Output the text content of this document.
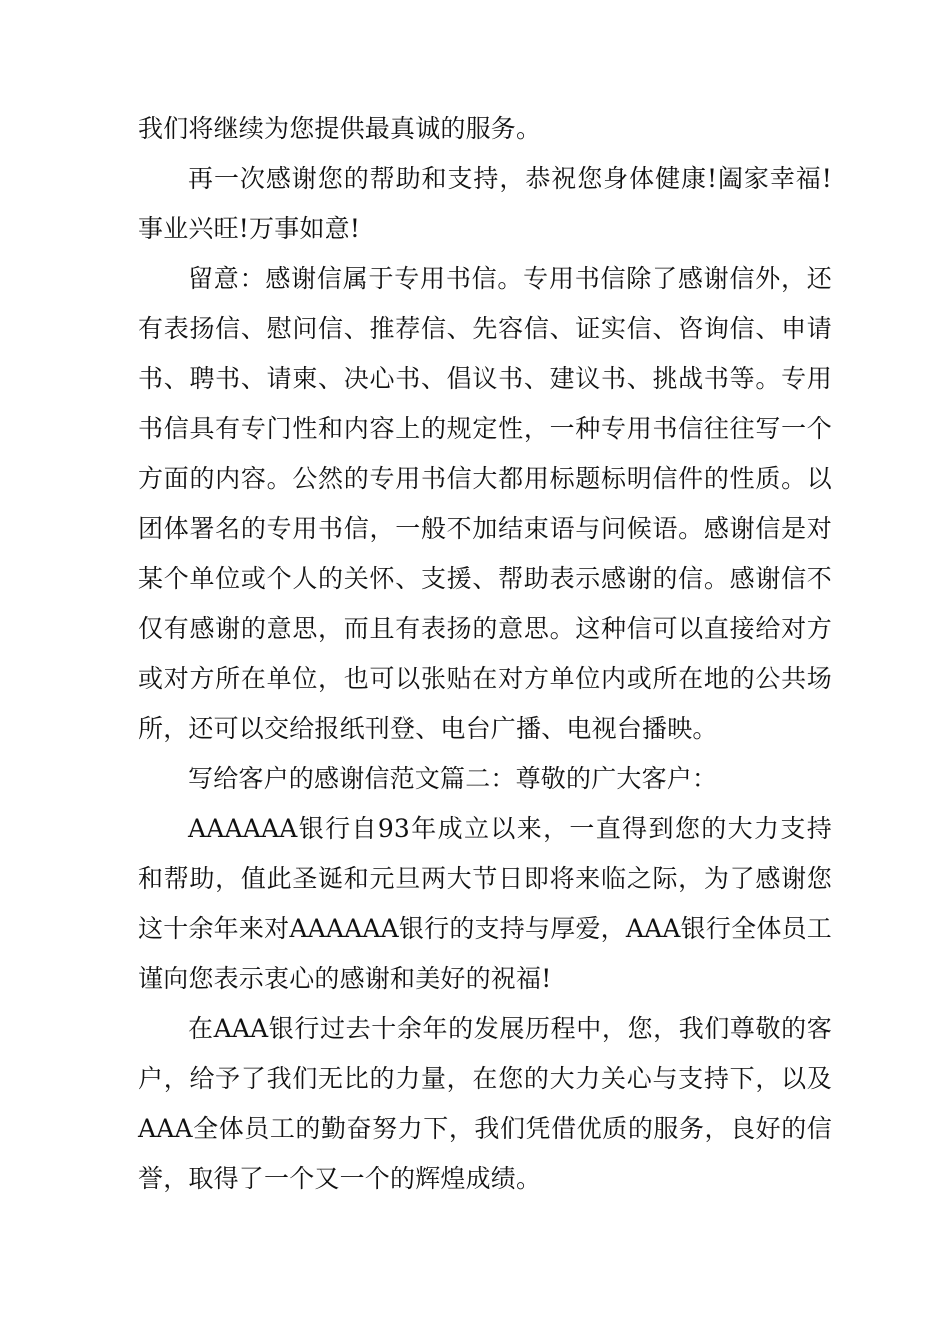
我们将继续为您提供最真诚的服务。

再一次感谢您的帮助和支持，恭祝您身体健康!阖家幸福!事业兴旺!万事如意!

留意：感谢信属于专用书信。专用书信除了感谢信外，还有表扬信、慰问信、推荐信、先容信、证实信、咨询信、申请书、聘书、请柬、决心书、倡议书、建议书、挑战书等。专用书信具有专门性和内容上的规定性，一种专用书信往往写一个方面的内容。公然的专用书信大都用标题标明信件的性质。以团体署名的专用书信，一般不加结束语与问候语。感谢信是对某个单位或个人的关怀、支援、帮助表示感谢的信。感谢信不仅有感谢的意思，而且有表扬的意思。这种信可以直接给对方或对方所在单位，也可以张贴在对方单位内或所在地的公共场所，还可以交给报纸刊登、电台广播、电视台播映。

写给客户的感谢信范文篇二：尊敬的广大客户：

AAAAAA银行自93年成立以来，一直得到您的大力支持和帮助，值此圣诞和元旦两大节日即将来临之际，为了感谢您这十余年来对AAAAAA银行的支持与厚爱，AAA银行全体员工谨向您表示衷心的感谢和美好的祝福!

在AAA银行过去十余年的发展历程中，您，我们尊敬的客户，给予了我们无比的力量，在您的大力关心与支持下，以及AAA全体员工的勤奋努力下，我们凭借优质的服务，良好的信誉，取得了一个又一个的辉煌成绩。
